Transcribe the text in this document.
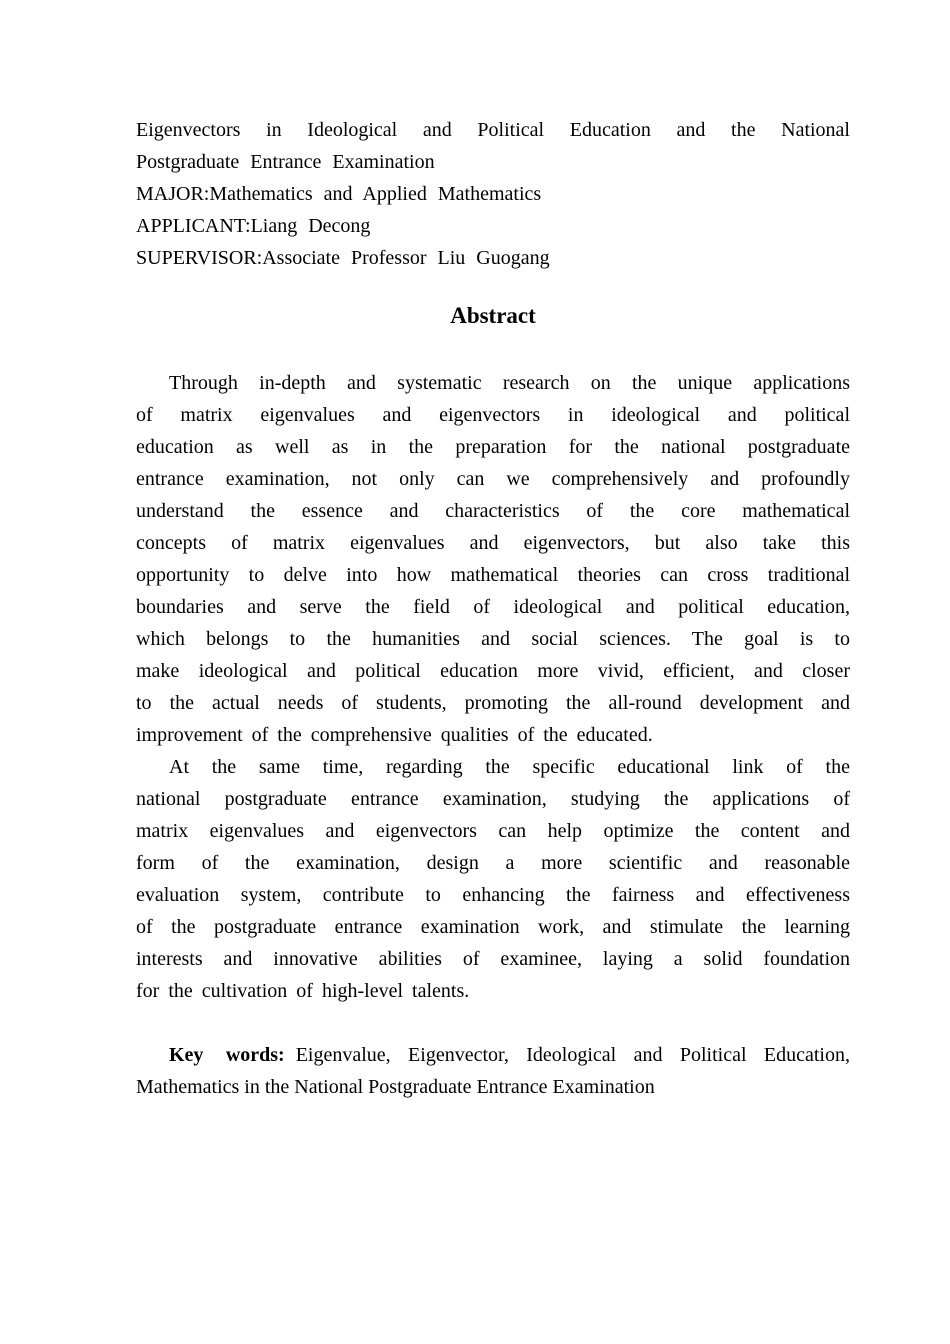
Eigenvectors in Ideological and Political Education and the National
Postgraduate Entrance Examination
MAJOR:Mathematics and Applied Mathematics
APPLICANT:Liang Decong
SUPERVISOR:Associate Professor Liu Guogang
Abstract
Through in-depth and systematic research on the unique applications
of matrix eigenvalues and eigenvectors in ideological and political
education as well as in the preparation for the national postgraduate
entrance examination, not only can we comprehensively and profoundly
understand the essence and characteristics of the core mathematical
concepts of matrix eigenvalues and eigenvectors, but also take this
opportunity to delve into how mathematical theories can cross traditional
boundaries and serve the field of ideological and political education,
which belongs to the humanities and social sciences. The goal is to
make ideological and political education more vivid, efficient, and closer
to the actual needs of students, promoting the all-round development and
improvement of the comprehensive qualities of the educated.
At the same time, regarding the specific educational link of the
national postgraduate entrance examination, studying the applications of
matrix eigenvalues and eigenvectors can help optimize the content and
form of the examination, design a more scientific and reasonable
evaluation system, contribute to enhancing the fairness and effectiveness
of the postgraduate entrance examination work, and stimulate the learning
interests and innovative abilities of examinee, laying a solid foundation
for the cultivation of high-level talents.

Key words: Eigenvalue, Eigenvector, Ideological and Political Education, Mathematics in the National Postgraduate Entrance Examination
